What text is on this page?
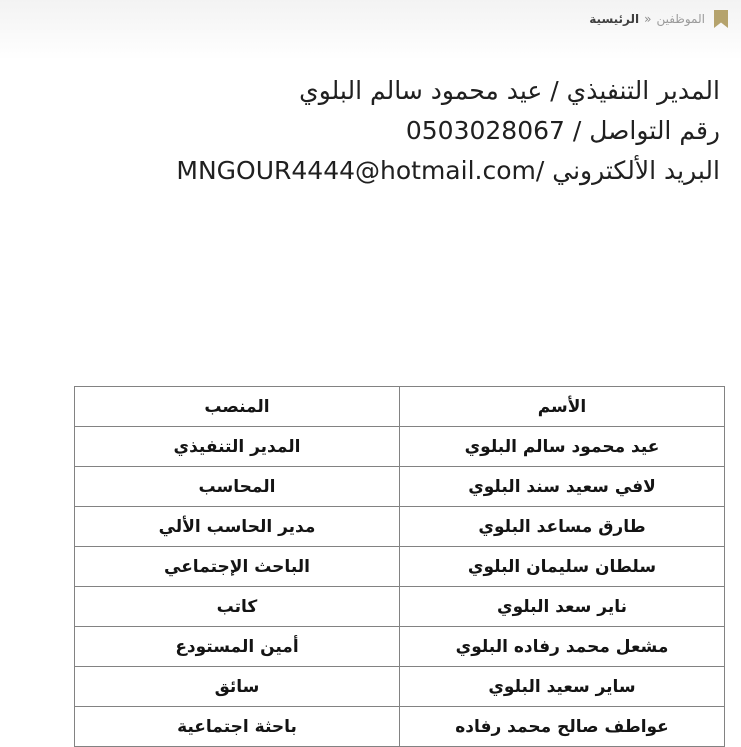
الرئيسية » الموظفين
المدير التنفيذي / عيد محمود سالم البلوي
رقم التواصل / 0503028067
البريد الألكتروني /MNGOUR4444@hotmail.com
الأسم	المنصب
عيد محمود سالم البلوي	المدير التنفيذي
لافي سعيد سند البلوي	المحاسب
طارق مساعد البلوي	مدير الحاسب الألي
سلطان سليمان البلوي	الباحث الإجتماعي
ناير سعد البلوي	كاتب
مشعل محمد رفاده البلوي	أمين المستودع
ساير سعيد البلوي	سائق
عواطف صالح محمد رفاده	باحثة اجتماعية
